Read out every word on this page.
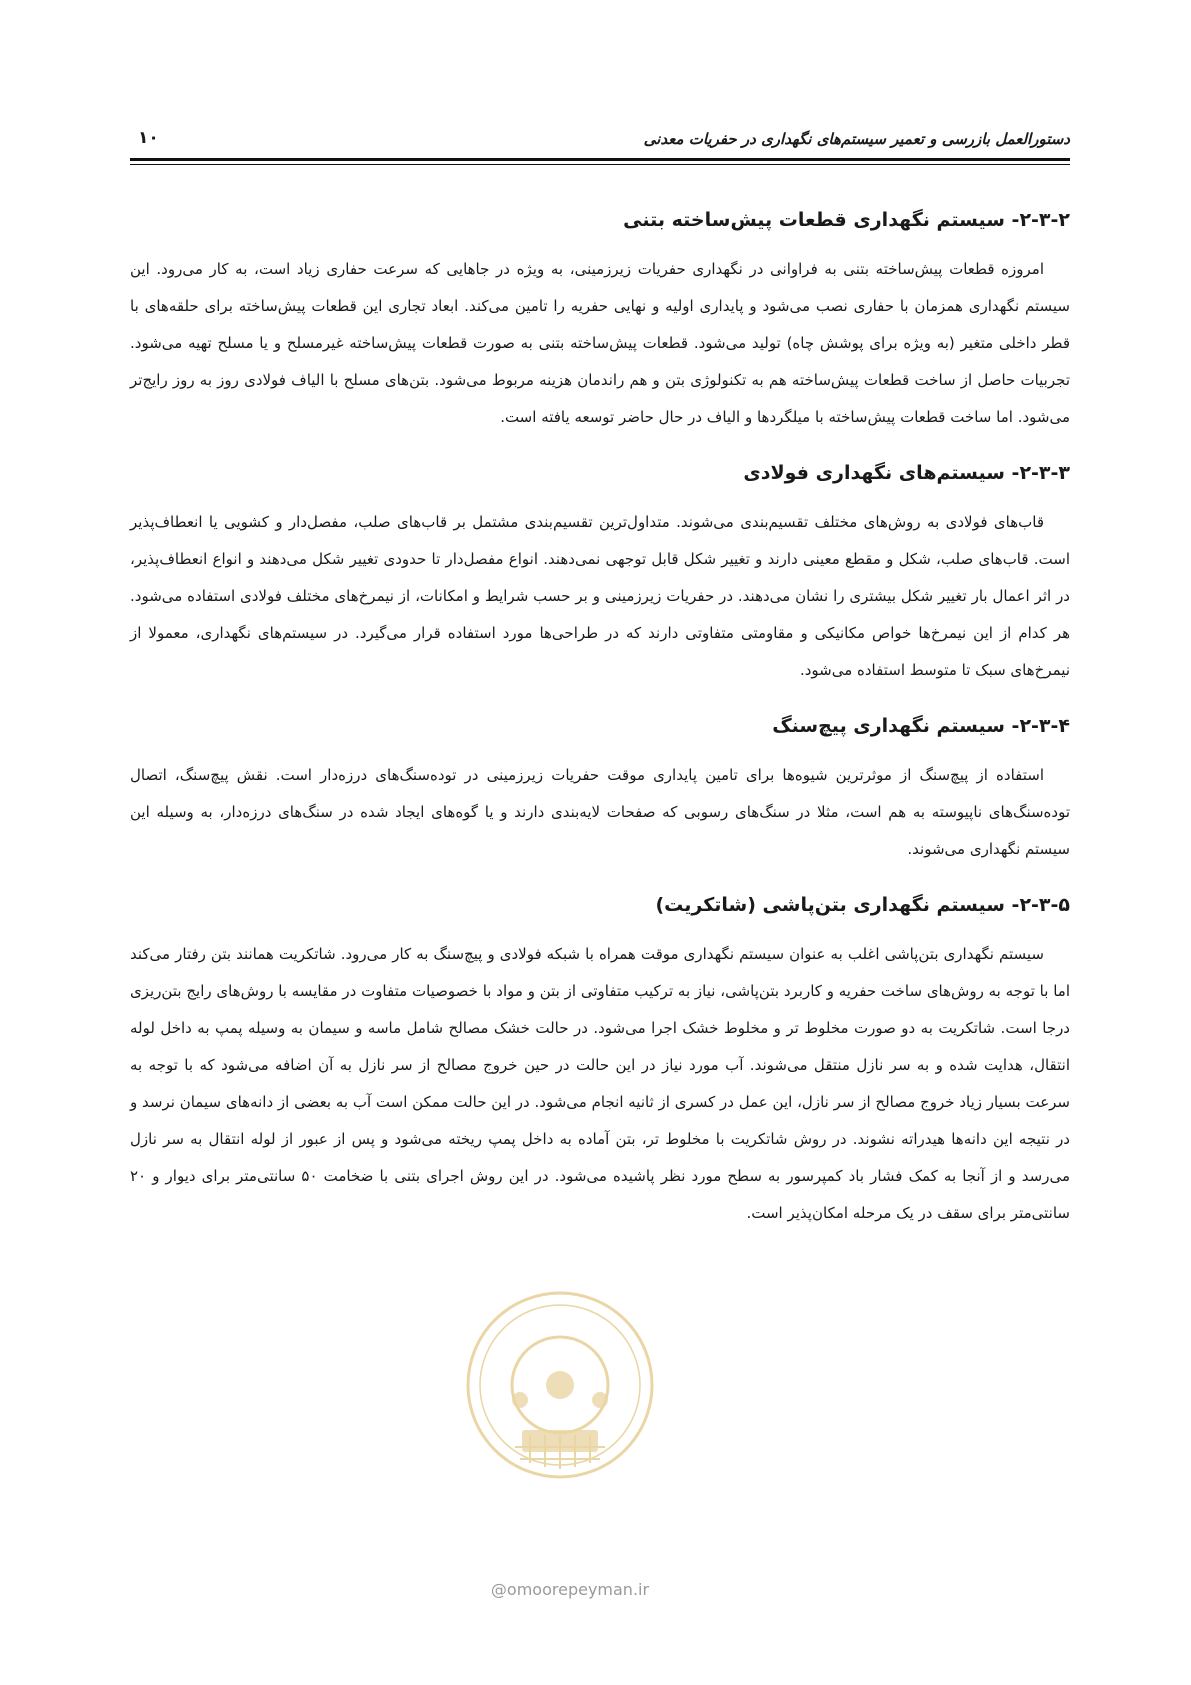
دستورالعمل بازرسی و تعمیر سیستم‌های نگهداری در حفریات معدنی
۱۰
۲-۳-۲- سیستم نگهداری قطعات پیش‌ساخته بتنی

امروزه قطعات پیش‌ساخته بتنی به فراوانی در نگهداری حفریات زیرزمینی، به ویژه در جاهایی که سرعت حفاری زیاد است، به کار می‌رود. این سیستم نگهداری همزمان با حفاری نصب می‌شود و پایداری اولیه و نهایی حفریه را تامین می‌کند. ابعاد تجاری این قطعات پیش‌ساخته برای حلقه‌های با قطر داخلی متغیر (به ویژه برای پوشش چاه) تولید می‌شود. قطعات پیش‌ساخته بتنی به صورت قطعات پیش‌ساخته غیرمسلح و یا مسلح تهیه می‌شود. تجربیات حاصل از ساخت قطعات پیش‌ساخته هم به تکنولوژی بتن و هم راندمان هزینه مربوط می‌شود. بتن‌های مسلح با الیاف فولادی روز به روز رایج‌تر می‌شود. اما ساخت قطعات پیش‌ساخته با میلگردها و الیاف در حال حاضر توسعه یافته است.

۲-۳-۳- سیستم‌های نگهداری فولادی

قاب‌های فولادی به روش‌های مختلف تقسیم‌بندی می‌شوند. متداول‌ترین تقسیم‌بندی مشتمل بر قاب‌های صلب، مفصل‌دار و کشویی یا انعطاف‌پذیر است. قاب‌های صلب، شکل و مقطع معینی دارند و تغییر شکل قابل توجهی نمی‌دهند. انواع مفصل‌دار تا حدودی تغییر شکل می‌دهند و انواع انعطاف‌پذیر، در اثر اعمال بار تغییر شکل بیشتری را نشان می‌دهند. در حفریات زیرزمینی و بر حسب شرایط و امکانات، از نیمرخ‌های مختلف فولادی استفاده می‌شود. هر کدام از این نیمرخ‌ها خواص مکانیکی و مقاومتی متفاوتی دارند که در طراحی‌ها مورد استفاده قرار می‌گیرد. در سیستم‌های نگهداری، معمولا از نیمرخ‌های سبک تا متوسط استفاده می‌شود.

۲-۳-۴- سیستم نگهداری پیچ‌سنگ

استفاده از پیچ‌سنگ از موثرترین شیوه‌ها برای تامین پایداری موقت حفریات زیرزمینی در توده‌سنگ‌های درزه‌دار است. نقش پیچ‌سنگ، اتصال توده‌سنگ‌های ناپیوسته به هم است، مثلا در سنگ‌های رسوبی که صفحات لایه‌بندی دارند و یا گوه‌های ایجاد شده در سنگ‌های درزه‌دار، به وسیله این سیستم نگهداری می‌شوند.

۲-۳-۵- سیستم نگهداری بتن‌پاشی (شاتکریت)

سیستم نگهداری بتن‌پاشی اغلب به عنوان سیستم نگهداری موقت همراه با شبکه فولادی و پیچ‌سنگ به کار می‌رود. شاتکریت همانند بتن رفتار می‌کند اما با توجه به روش‌های ساخت حفریه و کاربرد بتن‌پاشی، نیاز به ترکیب متفاوتی از بتن و مواد با خصوصیات متفاوت در مقایسه با روش‌های رایج بتن‌ریزی درجا است. شاتکریت به دو صورت مخلوط تر و مخلوط خشک اجرا می‌شود. در حالت خشک مصالح شامل ماسه و سیمان به وسیله پمپ به داخل لوله انتقال، هدایت شده و به سر نازل منتقل می‌شوند. آب مورد نیاز در این حالت در حین خروج مصالح از سر نازل به آن اضافه می‌شود که با توجه به سرعت بسیار زیاد خروج مصالح از سر نازل، این عمل در کسری از ثانیه انجام می‌شود. در این حالت ممکن است آب به بعضی از دانه‌های سیمان نرسد و در نتیجه این دانه‌ها هیدراته نشوند. در روش شاتکریت با مخلوط تر، بتن آماده به داخل پمپ ریخته می‌شود و پس از عبور از لوله انتقال به سر نازل می‌رسد و از آنجا به کمک فشار باد کمپرسور به سطح مورد نظر پاشیده می‌شود. در این روش اجرای بتنی با ضخامت ۵۰ سانتی‌متر برای دیوار و ۲۰ سانتی‌متر برای سقف در یک مرحله امکان‌پذیر است.

@omoorepeyman.ir
